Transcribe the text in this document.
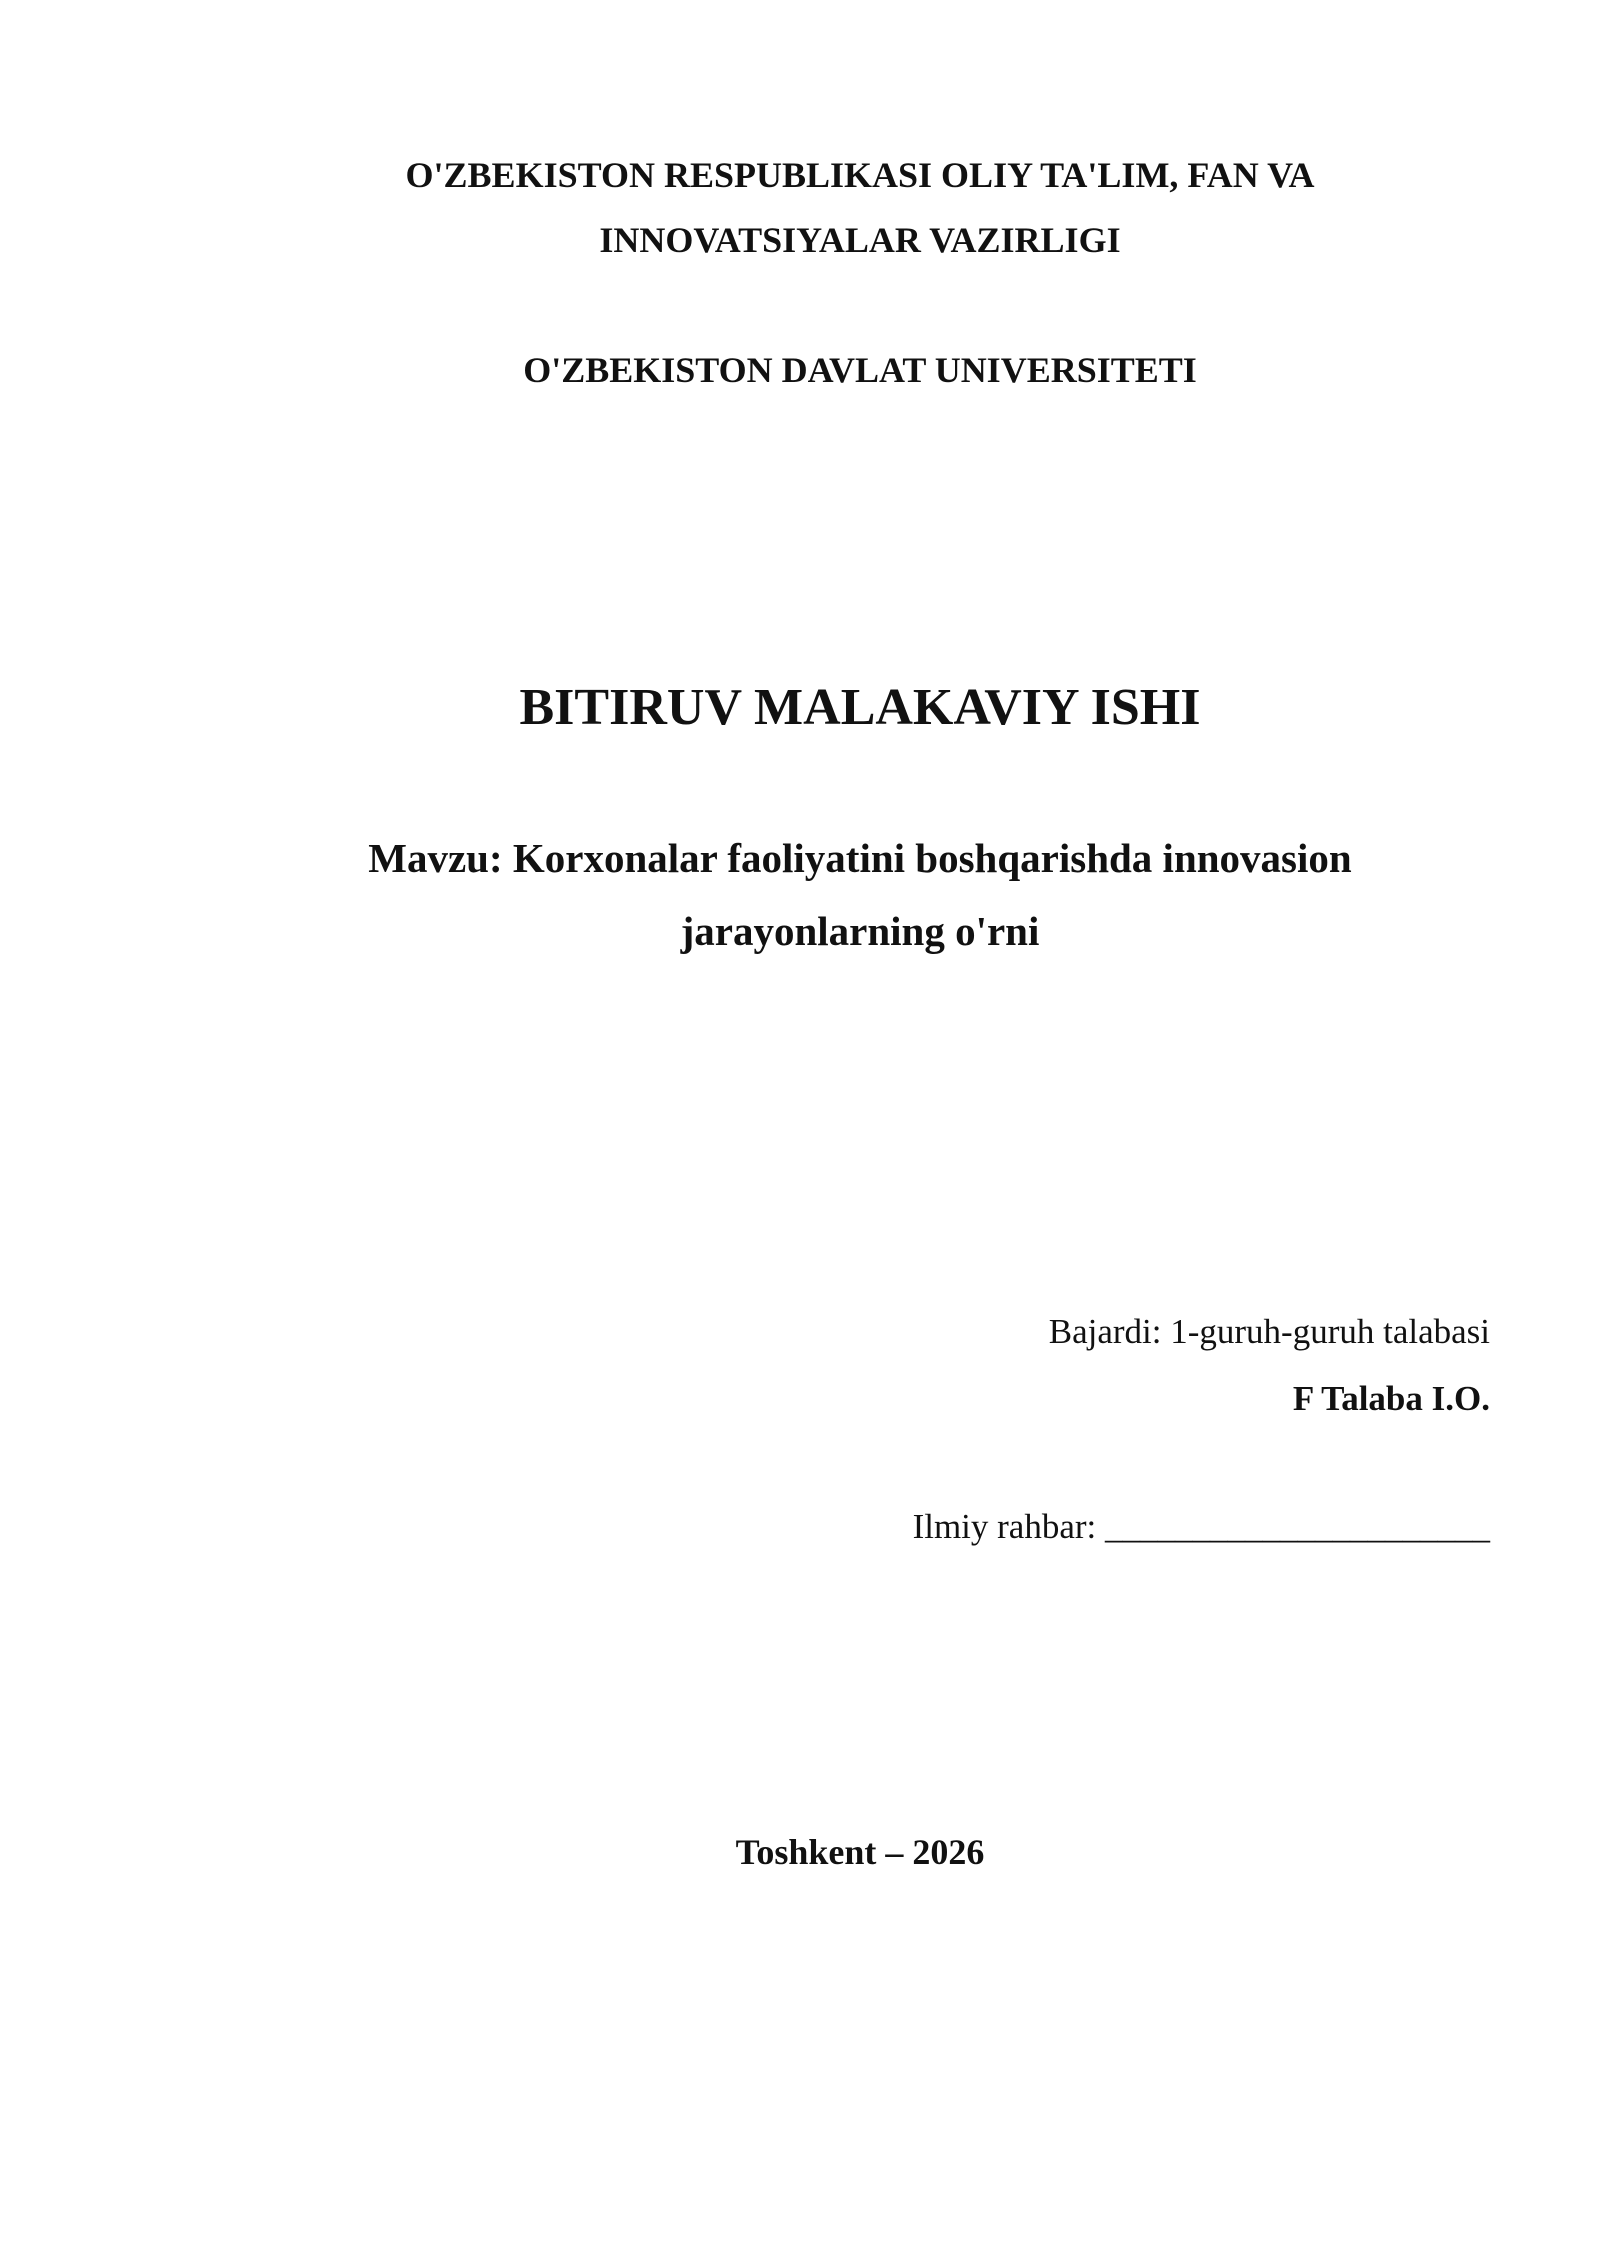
O'ZBEKISTON RESPUBLIKASI OLIY TA'LIM, FAN VA

INNOVATSIYALAR VAZIRLIGI

O'ZBEKISTON DAVLAT UNIVERSITETI

BITIRUV MALAKAVIY ISHI

Mavzu: Korxonalar faoliyatini boshqarishda innovasion

jarayonlarning o'rni

Bajardi: 1-guruh-guruh talabasi

F Talaba I.O.

Ilmiy rahbar: ______________________

Toshkent – 2026
